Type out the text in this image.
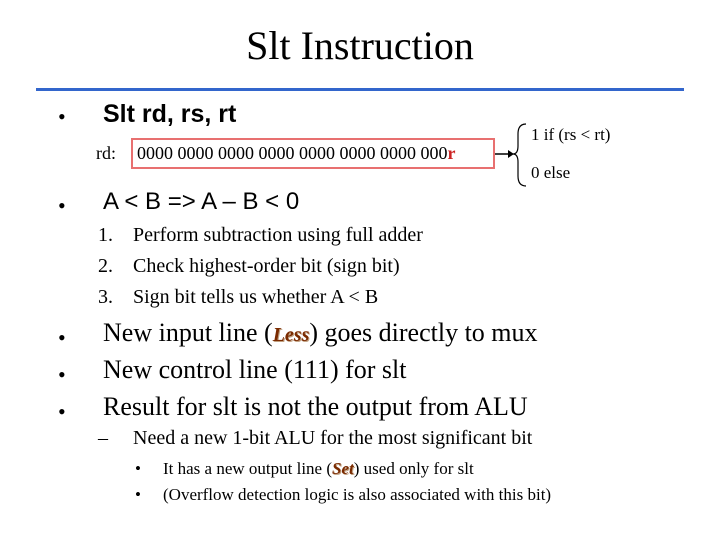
Slt Instruction
• Slt rd, rs, rt
rd: 0000 0000 0000 0000 0000 0000 0000 000r
1 if (rs < rt)
0 else
• A < B => A – B < 0
1. Perform subtraction using full adder
2. Check highest-order bit (sign bit)
3. Sign bit tells us whether A < B
• New input line (Less) goes directly to mux
• New control line (111) for slt
• Result for slt is not the output from ALU
– Need a new 1-bit ALU for the most significant bit
• It has a new output line (Set) used only for slt
• (Overflow detection logic is also associated with this bit)
